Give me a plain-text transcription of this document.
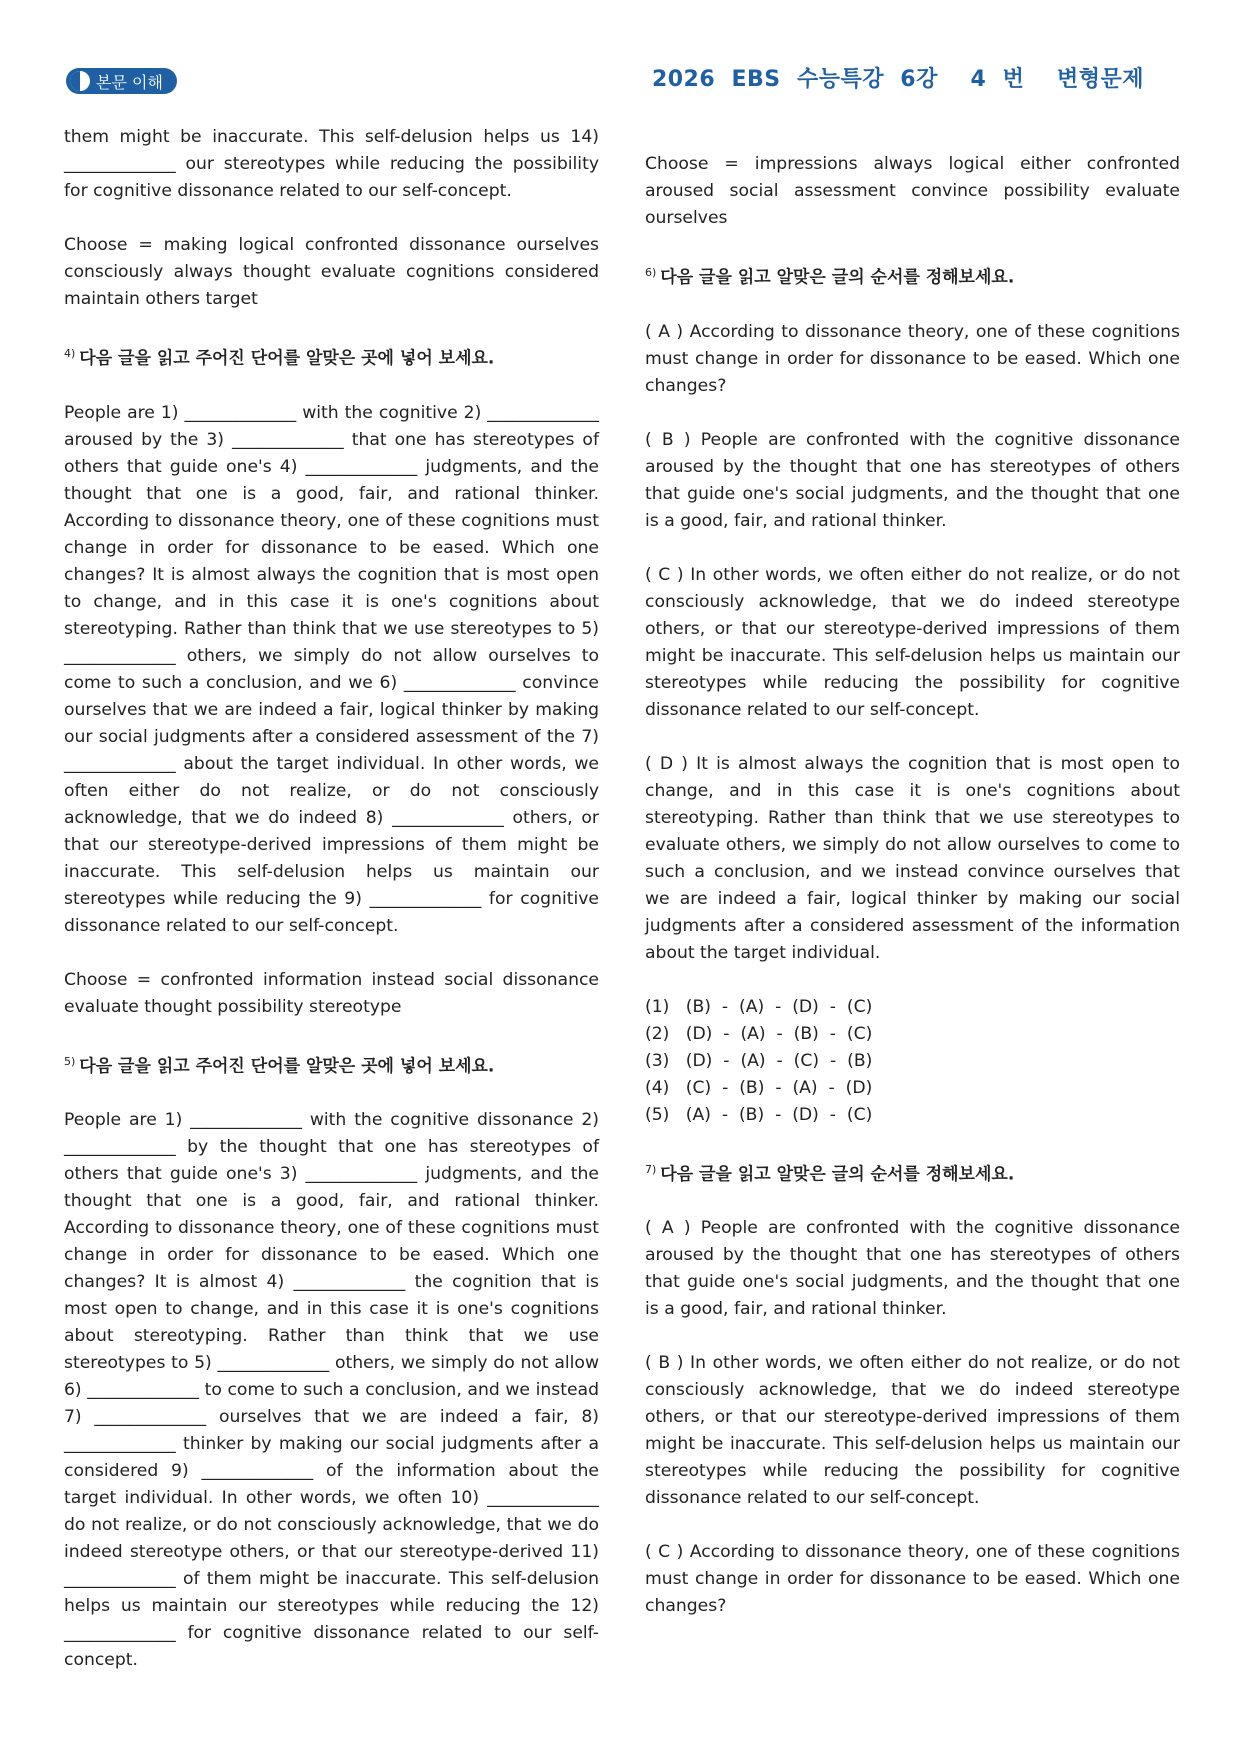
본문 이해	2026  EBS  수능특강  6강    4  번    변형문제

them might be inaccurate. This self-delusion helps us 14) _____________ our stereotypes while reducing the possibility for cognitive dissonance related to our self-concept.

Choose = making logical confronted dissonance ourselves consciously always thought evaluate cognitions considered maintain others target

$^{4)}$ 다음 글을 읽고 주어진 단어를 알맞은 곳에 넣어 보세요.

People are 1) _____________ with the cognitive 2) _____________ aroused by the 3) _____________ that one has stereotypes of others that guide one's 4) _____________ judgments, and the thought that one is a good, fair, and rational thinker. According to dissonance theory, one of these cognitions must change in order for dissonance to be eased. Which one changes? It is almost always the cognition that is most open to change, and in this case it is one's cognitions about stereotyping. Rather than think that we use stereotypes to 5) _____________ others, we simply do not allow ourselves to come to such a conclusion, and we 6) _____________ convince ourselves that we are indeed a fair, logical thinker by making our social judgments after a considered assessment of the 7) _____________ about the target individual. In other words, we often either do not realize, or do not consciously acknowledge, that we do indeed 8) _____________ others, or that our stereotype-derived impressions of them might be inaccurate. This self-delusion helps us maintain our stereotypes while reducing the 9) _____________ for cognitive dissonance related to our self-concept.

Choose = confronted information instead social dissonance evaluate thought possibility stereotype

$^{5)}$ 다음 글을 읽고 주어진 단어를 알맞은 곳에 넣어 보세요.

People are 1) _____________ with the cognitive dissonance 2) _____________ by the thought that one has stereotypes of others that guide one's 3) _____________ judgments, and the thought that one is a good, fair, and rational thinker. According to dissonance theory, one of these cognitions must change in order for dissonance to be eased. Which one changes? It is almost 4) _____________ the cognition that is most open to change, and in this case it is one's cognitions about stereotyping. Rather than think that we use stereotypes to 5) _____________ others, we simply do not allow 6) _____________ to come to such a conclusion, and we instead 7) _____________ ourselves that we are indeed a fair, 8) _____________ thinker by making our social judgments after a considered 9) _____________ of the information about the target individual. In other words, we often 10) _____________ do not realize, or do not consciously acknowledge, that we do indeed stereotype others, or that our stereotype-derived 11) _____________ of them might be inaccurate. This self-delusion helps us maintain our stereotypes while reducing the 12) _____________ for cognitive dissonance related to our self-concept.

Choose = impressions always logical either confronted aroused social assessment convince possibility evaluate ourselves

$^{6)}$ 다음 글을 읽고 알맞은 글의 순서를 정해보세요.

( A ) According to dissonance theory, one of these cognitions must change in order for dissonance to be eased. Which one changes?

( B ) People are confronted with the cognitive dissonance aroused by the thought that one has stereotypes of others that guide one's social judgments, and the thought that one is a good, fair, and rational thinker.

( C ) In other words, we often either do not realize, or do not consciously acknowledge, that we do indeed stereotype others, or that our stereotype-derived impressions of them might be inaccurate. This self-delusion helps us maintain our stereotypes while reducing the possibility for cognitive dissonance related to our self-concept.

( D ) It is almost always the cognition that is most open to change, and in this case it is one's cognitions about stereotyping. Rather than think that we use stereotypes to evaluate others, we simply do not allow ourselves to come to such a conclusion, and we instead convince ourselves that we are indeed a fair, logical thinker by making our social judgments after a considered assessment of the information about the target individual.

(1)   (B)  -  (A)  -  (D)  -  (C)
(2)   (D)  -  (A)  -  (B)  -  (C)
(3)   (D)  -  (A)  -  (C)  -  (B)
(4)   (C)  -  (B)  -  (A)  -  (D)
(5)   (A)  -  (B)  -  (D)  -  (C)

$^{7)}$ 다음 글을 읽고 알맞은 글의 순서를 정해보세요.

( A ) People are confronted with the cognitive dissonance aroused by the thought that one has stereotypes of others that guide one's social judgments, and the thought that one is a good, fair, and rational thinker.

( B ) In other words, we often either do not realize, or do not consciously acknowledge, that we do indeed stereotype others, or that our stereotype-derived impressions of them might be inaccurate. This self-delusion helps us maintain our stereotypes while reducing the possibility for cognitive dissonance related to our self-concept.

( C ) According to dissonance theory, one of these cognitions must change in order for dissonance to be eased. Which one changes?
